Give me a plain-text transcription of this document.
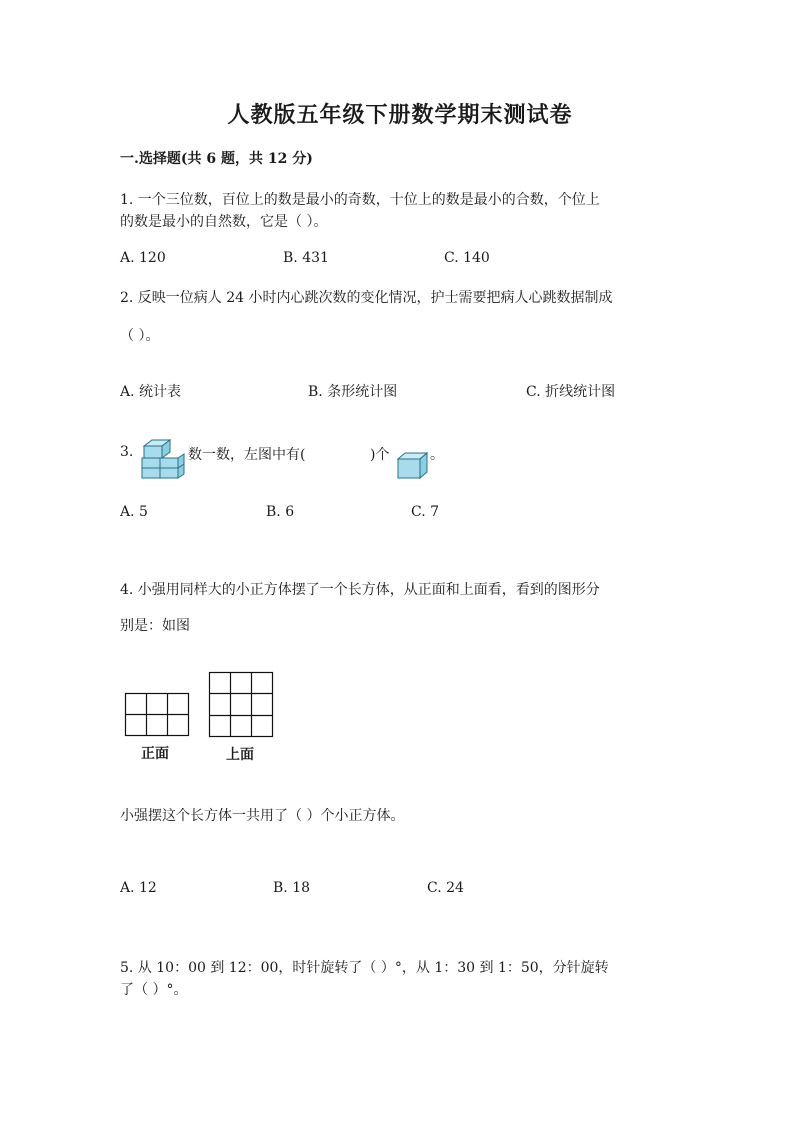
人教版五年级下册数学期末测试卷
一.选择题(共 6 题，共 12 分)
1. 一个三位数，百位上的数是最小的奇数，十位上的数是最小的合数，个位上
的数是最小的自然数，它是（ ）。
A. 120	B. 431	C. 140
2. 反映一位病人 24 小时内心跳次数的变化情况，护士需要把病人心跳数据制成
（ ）。
A. 统计表	B. 条形统计图	C. 折线统计图
3.	数一数，左图中有(	)个	。
A. 5	B. 6	C. 7
4. 小强用同样大的小正方体摆了一个长方体，从正面和上面看，看到的图形分
别是：如图
正面	上面
小强摆这个长方体一共用了（ ）个小正方体。
A. 12	B. 18	C. 24
5. 从 10：00 到 12：00，时针旋转了（ ）°，从 1：30 到 1：50，分针旋转
了（ ）°。
